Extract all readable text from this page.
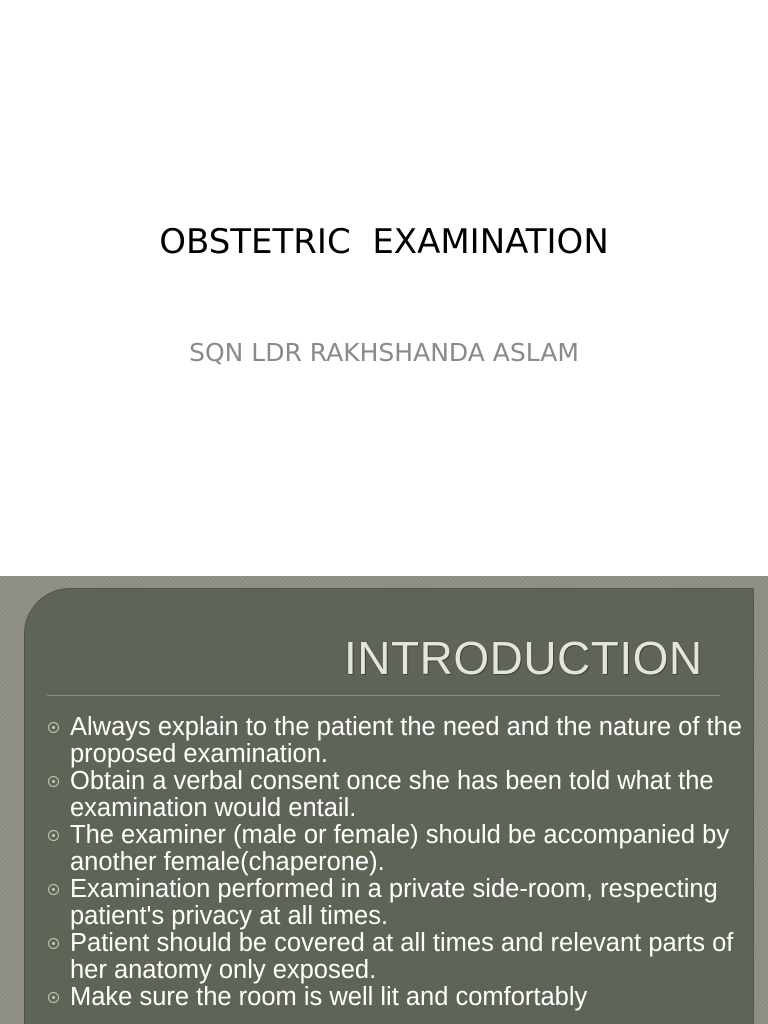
OBSTETRIC  EXAMINATION
SQN LDR RAKHSHANDA ASLAM
INTRODUCTION
Always explain to the patient the need and the nature of the proposed examination.
Obtain a verbal consent once she has been told what the examination would entail.
The examiner (male or female) should be accompanied by another female(chaperone).
Examination performed in a private side-room, respecting patient's privacy at all times.
Patient should be covered at all times and relevant parts of her anatomy only exposed.
Make sure the room is well lit and comfortably
